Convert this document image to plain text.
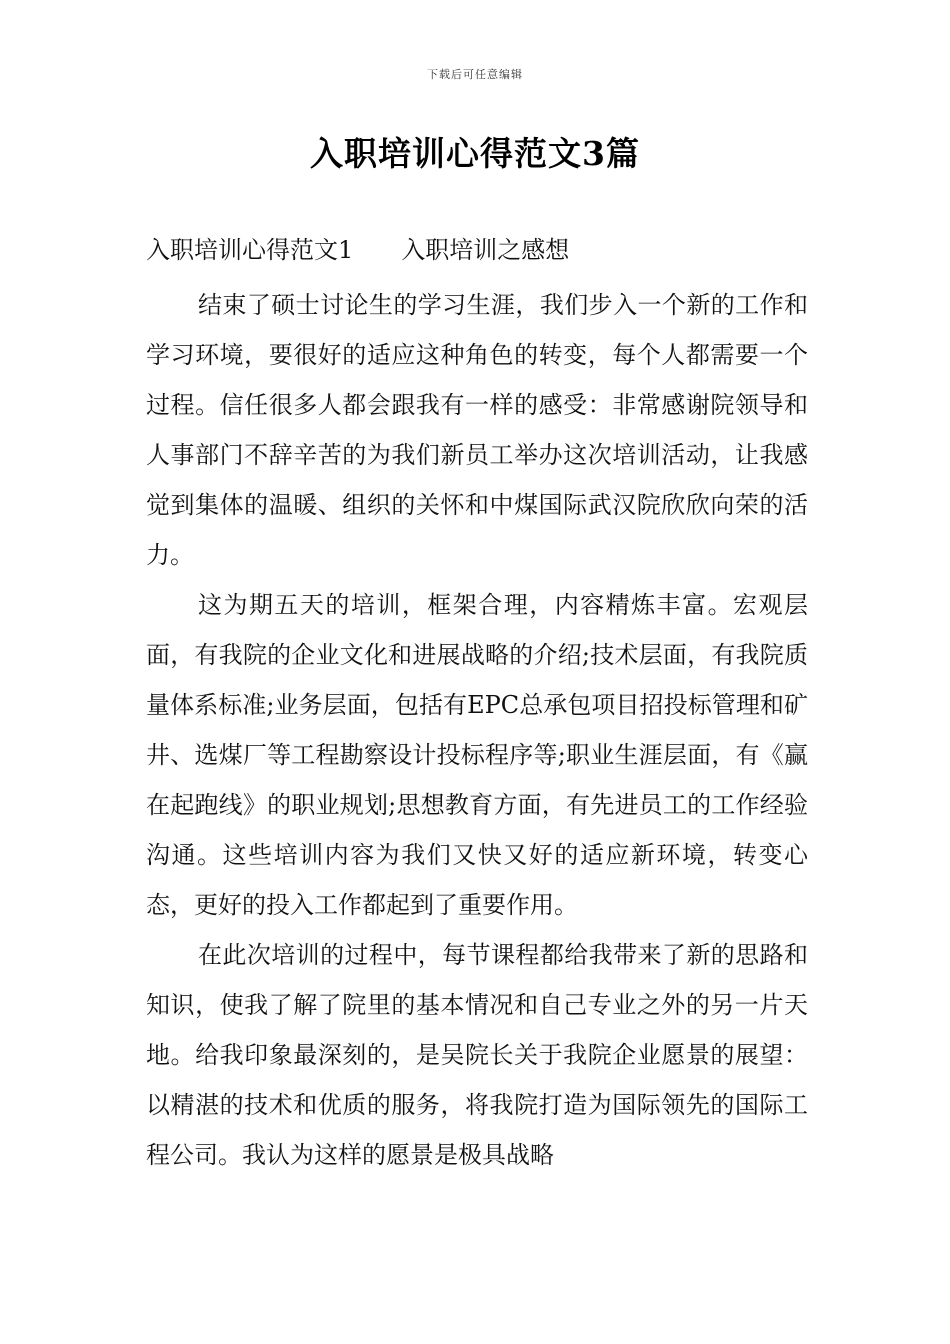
下载后可任意编辑
入职培训心得范文3篇
入职培训心得范文1 入职培训之感想

结束了硕士讨论生的学习生涯，我们步入一个新的工作和学习环境，要很好的适应这种角色的转变，每个人都需要一个过程。信任很多人都会跟我有一样的感受：非常感谢院领导和人事部门不辞辛苦的为我们新员工举办这次培训活动，让我感觉到集体的温暖、组织的关怀和中煤国际武汉院欣欣向荣的活力。

这为期五天的培训，框架合理，内容精炼丰富。宏观层面，有我院的企业文化和进展战略的介绍;技术层面，有我院质量体系标准;业务层面，包括有EPC总承包项目招投标管理和矿井、选煤厂等工程勘察设计投标程序等;职业生涯层面，有《赢在起跑线》的职业规划;思想教育方面，有先进员工的工作经验沟通。这些培训内容为我们又快又好的适应新环境，转变心态，更好的投入工作都起到了重要作用。

在此次培训的过程中，每节课程都给我带来了新的思路和知识，使我了解了院里的基本情况和自己专业之外的另一片天地。给我印象最深刻的，是吴院长关于我院企业愿景的展望：以精湛的技术和优质的服务，将我院打造为国际领先的国际工程公司。我认为这样的愿景是极具战略
